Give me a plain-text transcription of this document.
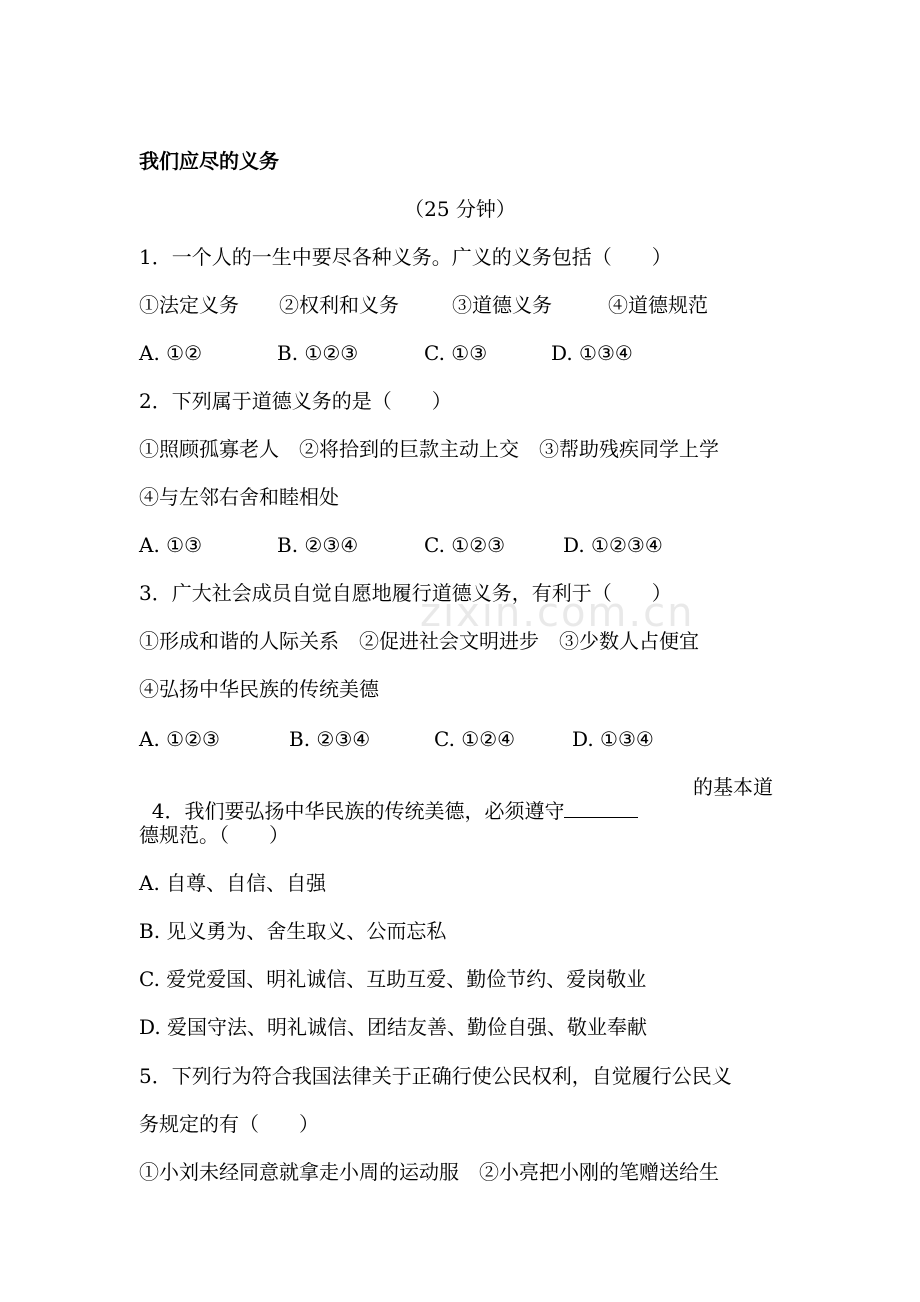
zixin.com.cn
我们应尽的义务
（25 分钟）
1．一个人的一生中要尽各种义务。广义的义务包括（　　）
①法定义务 ②权利和义务	③道德义务	④道德规范
A. ①②	B. ①②③	C. ①③	D. ①③④
2．下列属于道德义务的是（　　）
①照顾孤寡老人　②将拾到的巨款主动上交　③帮助残疾同学上学
④与左邻右舍和睦相处
A. ①③	B. ②③④	C. ①②③	D. ①②③④
3．广大社会成员自觉自愿地履行道德义务，有利于（　　）
①形成和谐的人际关系　②促进社会文明进步　③少数人占便宜
④弘扬中华民族的传统美德
A. ①②③	B. ②③④	C. ①②④	D. ①③④

4．我们要弘扬中华民族的传统美德，必须遵守

的基本道
德规范。（　　）
A. 自尊、自信、自强
B. 见义勇为、舍生取义、公而忘私
C. 爱党爱国、明礼诚信、互助互爱、勤俭节约、爱岗敬业
D. 爱国守法、明礼诚信、团结友善、勤俭自强、敬业奉献
5．下列行为符合我国法律关于正确行使公民权利，自觉履行公民义
务规定的有（　　）
①小刘未经同意就拿走小周的运动服　②小亮把小刚的笔赠送给生
